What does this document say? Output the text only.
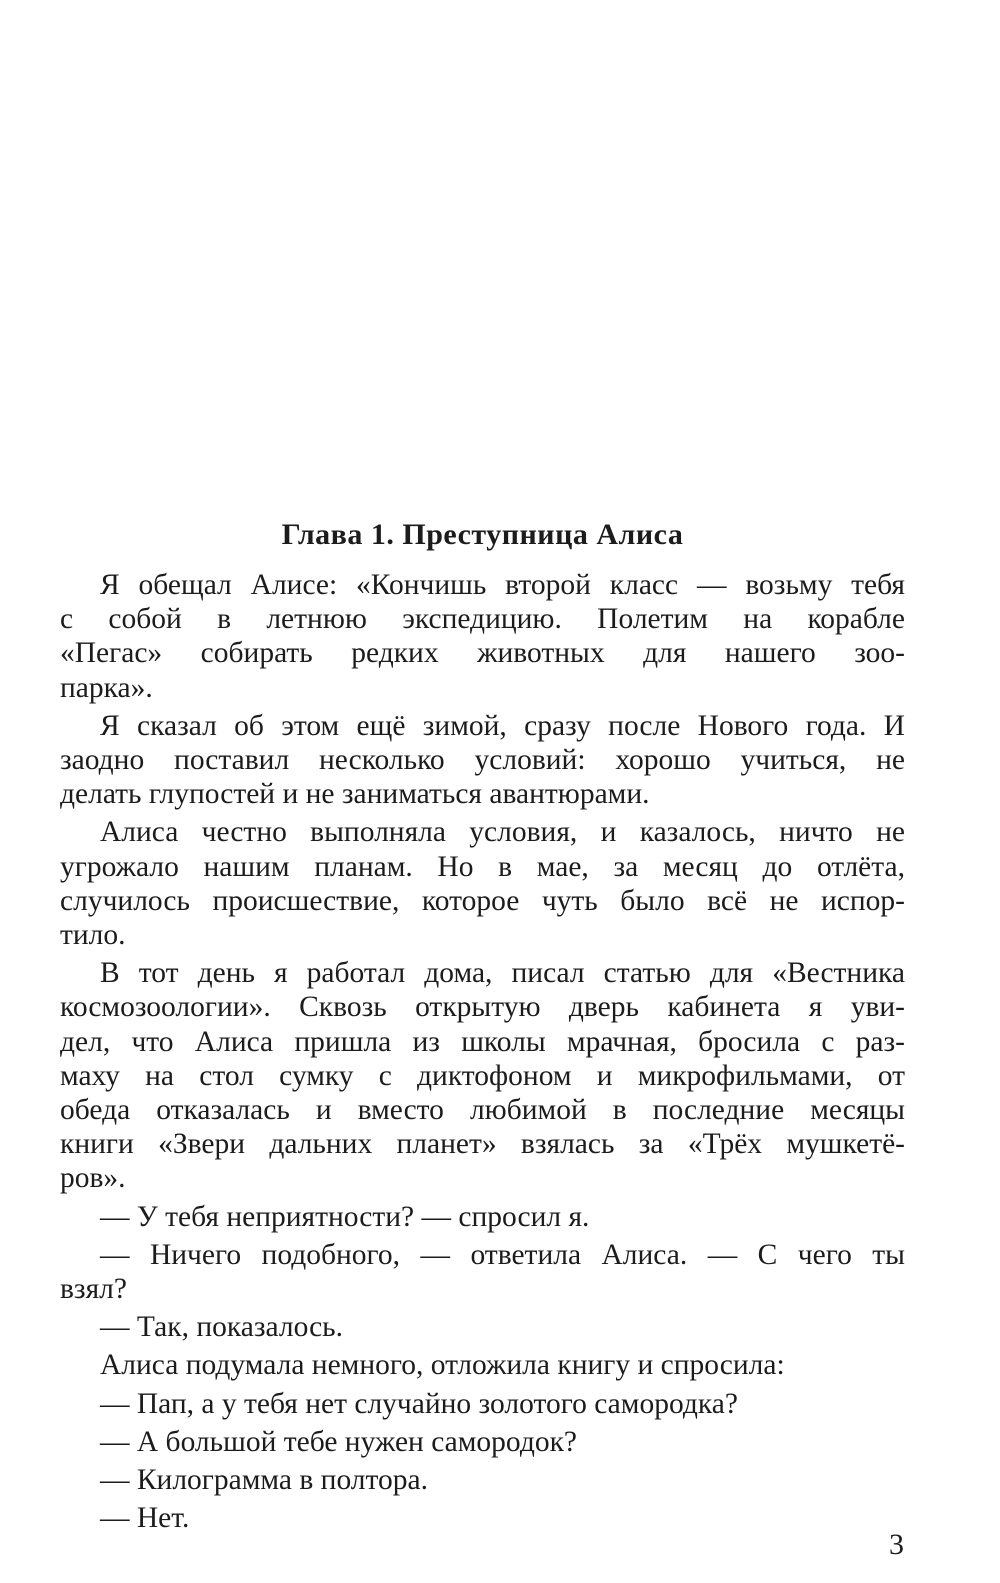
Глава 1. Преступница Алиса
Я обещал Алисе: «Кончишь второй класс — возьму тебя
с собой в летнюю экспедицию. Полетим на корабле
«Пегас» собирать редких животных для нашего зоо-
парка».
Я сказал об этом ещё зимой, сразу после Нового года. И
заодно поставил несколько условий: хорошо учиться, не
делать глупостей и не заниматься авантюрами.
Алиса честно выполняла условия, и казалось, ничто не
угрожало нашим планам. Но в мае, за месяц до отлёта,
случилось происшествие, которое чуть было всё не испор-
тило.
В тот день я работал дома, писал статью для «Вестника
космозоологии». Сквозь открытую дверь кабинета я уви-
дел, что Алиса пришла из школы мрачная, бросила с раз-
маху на стол сумку с диктофоном и микрофильмами, от
обеда отказалась и вместо любимой в последние месяцы
книги «Звери дальних планет» взялась за «Трёх мушкетё-
ров».
— У тебя неприятности? — спросил я.
— Ничего подобного, — ответила Алиса. — С чего ты
взял?
— Так, показалось.
Алиса подумала немного, отложила книгу и спросила:
— Пап, а у тебя нет случайно золотого самородка?
— А большой тебе нужен самородок?
— Килограмма в полтора.
— Нет.
3
